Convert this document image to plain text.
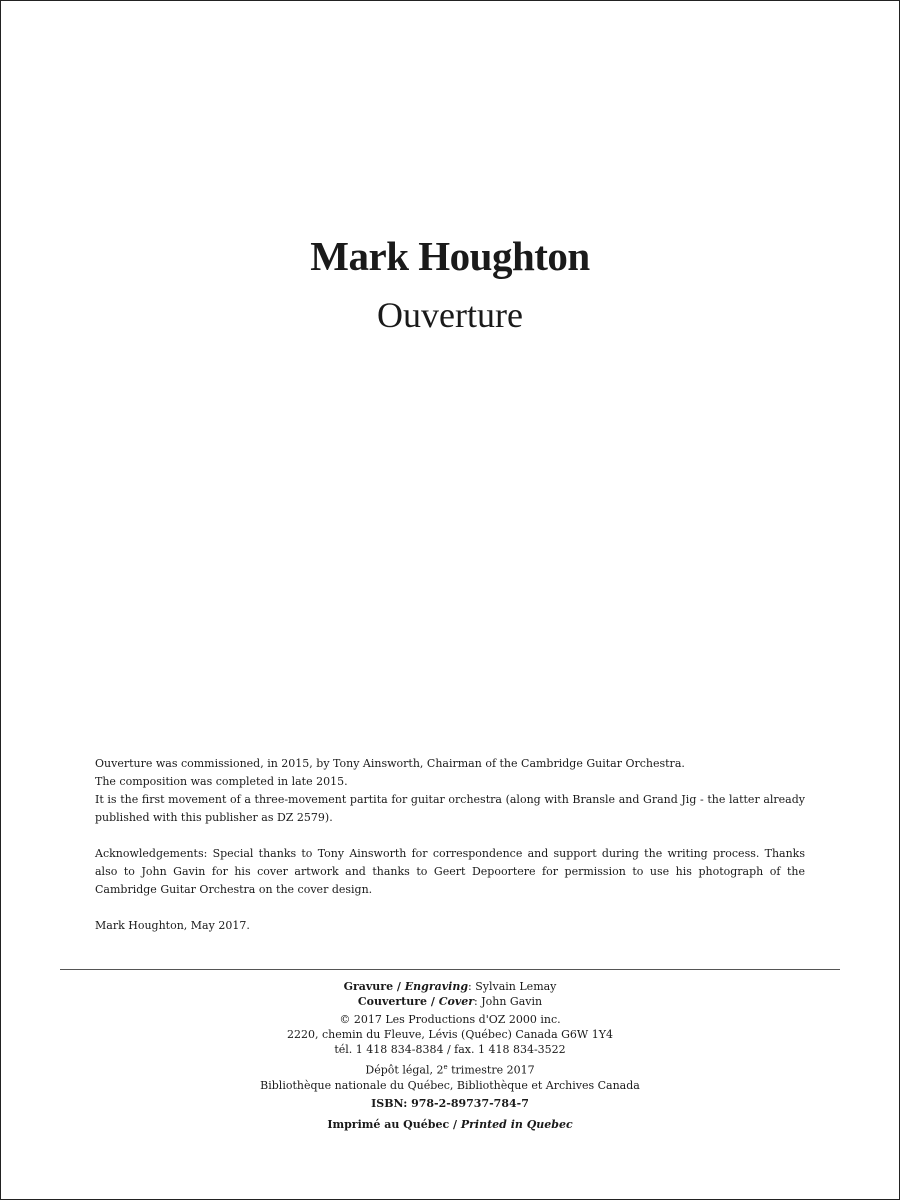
Mark Houghton
Ouverture

Ouverture was commissioned, in 2015, by Tony Ainsworth, Chairman of the Cambridge Guitar Orchestra.

The composition was completed in late 2015.

It is the first movement of a three-movement partita for guitar orchestra (along with Bransle and Grand Jig - the latter already published with this publisher as DZ 2579).

Acknowledgements: Special thanks to Tony Ainsworth for correspondence and support during the writing process. Thanks also to John Gavin for his cover artwork and thanks to Geert Depoortere for permission to use his photograph of the Cambridge Guitar Orchestra on the cover design.

Mark Houghton, May 2017.

Gravure / Engraving: Sylvain Lemay

Couverture / Cover: John Gavin

© 2017 Les Productions d'OZ 2000 inc.

2220, chemin du Fleuve, Lévis (Québec) Canada G6W 1Y4

tél. 1 418 834-8384 / fax. 1 418 834-3522

Dépôt légal, 2e trimestre 2017

Bibliothèque nationale du Québec, Bibliothèque et Archives Canada

ISBN: 978-2-89737-784-7

Imprimé au Québec / Printed in Quebec
